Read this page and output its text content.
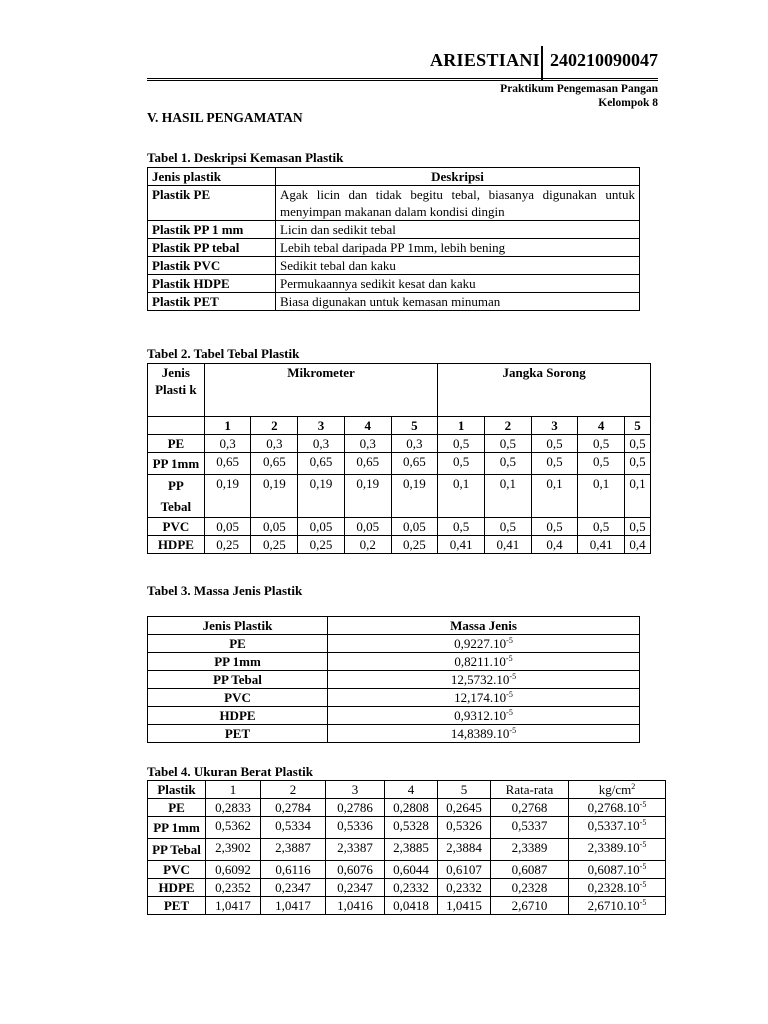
ARIESTIANI 240210090047
Praktikum Pengemasan Pangan
Kelompok 8
V. HASIL PENGAMATAN
Tabel 1. Deskripsi Kemasan Plastik
Jenis plastik	Deskripsi
Plastik PE	Agak licin dan tidak begitu tebal, biasanya digunakan untuk menyimpan makanan dalam kondisi dingin
Plastik PP 1 mm	Licin dan sedikit tebal
Plastik PP tebal	Lebih tebal daripada PP 1mm, lebih bening
Plastik PVC	Sedikit tebal dan kaku
Plastik HDPE	Permukaannya sedikit kesat dan kaku
Plastik PET	Biasa digunakan untuk kemasan minuman
Tabel 2. Tabel Tebal Plastik
Jenis Plasti k	Mikrometer					Jangka Sorong				
	1	2	3	4	5	1	2	3	4	5
PE	0,3	0,3	0,3	0,3	0,3	0,5	0,5	0,5	0,5	0,5
PP 1mm	0,65	0,65	0,65	0,65	0,65	0,5	0,5	0,5	0,5	0,5
PP Tebal	0,19	0,19	0,19	0,19	0,19	0,1	0,1	0,1	0,1	0,1
PVC	0,05	0,05	0,05	0,05	0,05	0,5	0,5	0,5	0,5	0,5
HDPE	0,25	0,25	0,25	0,2	0,25	0,41	0,41	0,4	0,41	0,4
Tabel 3. Massa Jenis Plastik
Jenis Plastik	Massa Jenis
PE	$0,9227.10^{-5}$
PP 1mm	$0,8211.10^{-5}$
PP Tebal	$12,5732.10^{-5}$
PVC	$12,174.10^{-5}$
HDPE	$0,9312.10^{-5}$
PET	$14,8389.10^{-5}$
Tabel 4. Ukuran Berat Plastik
Plastik	1	2	3	4	5	Rata-rata	$kg/cm^2$
PE	0,2833	0,2784	0,2786	0,2808	0,2645	0,2768	$0,2768.10^{-5}$
PP 1mm	0,5362	0,5334	0,5336	0,5328	0,5326	0,5337	$0,5337.10^{-5}$
PP Tebal	2,3902	2,3887	2,3387	2,3885	2,3884	2,3389	$2,3389.10^{-5}$
PVC	0,6092	0,6116	0,6076	0,6044	0,6107	0,6087	$0,6087.10^{-5}$
HDPE	0,2352	0,2347	0,2347	0,2332	0,2332	0,2328	$0,2328.10^{-5}$
PET	1,0417	1,0417	1,0416	0,0418	1,0415	2,6710	$2,6710.10^{-5}$
